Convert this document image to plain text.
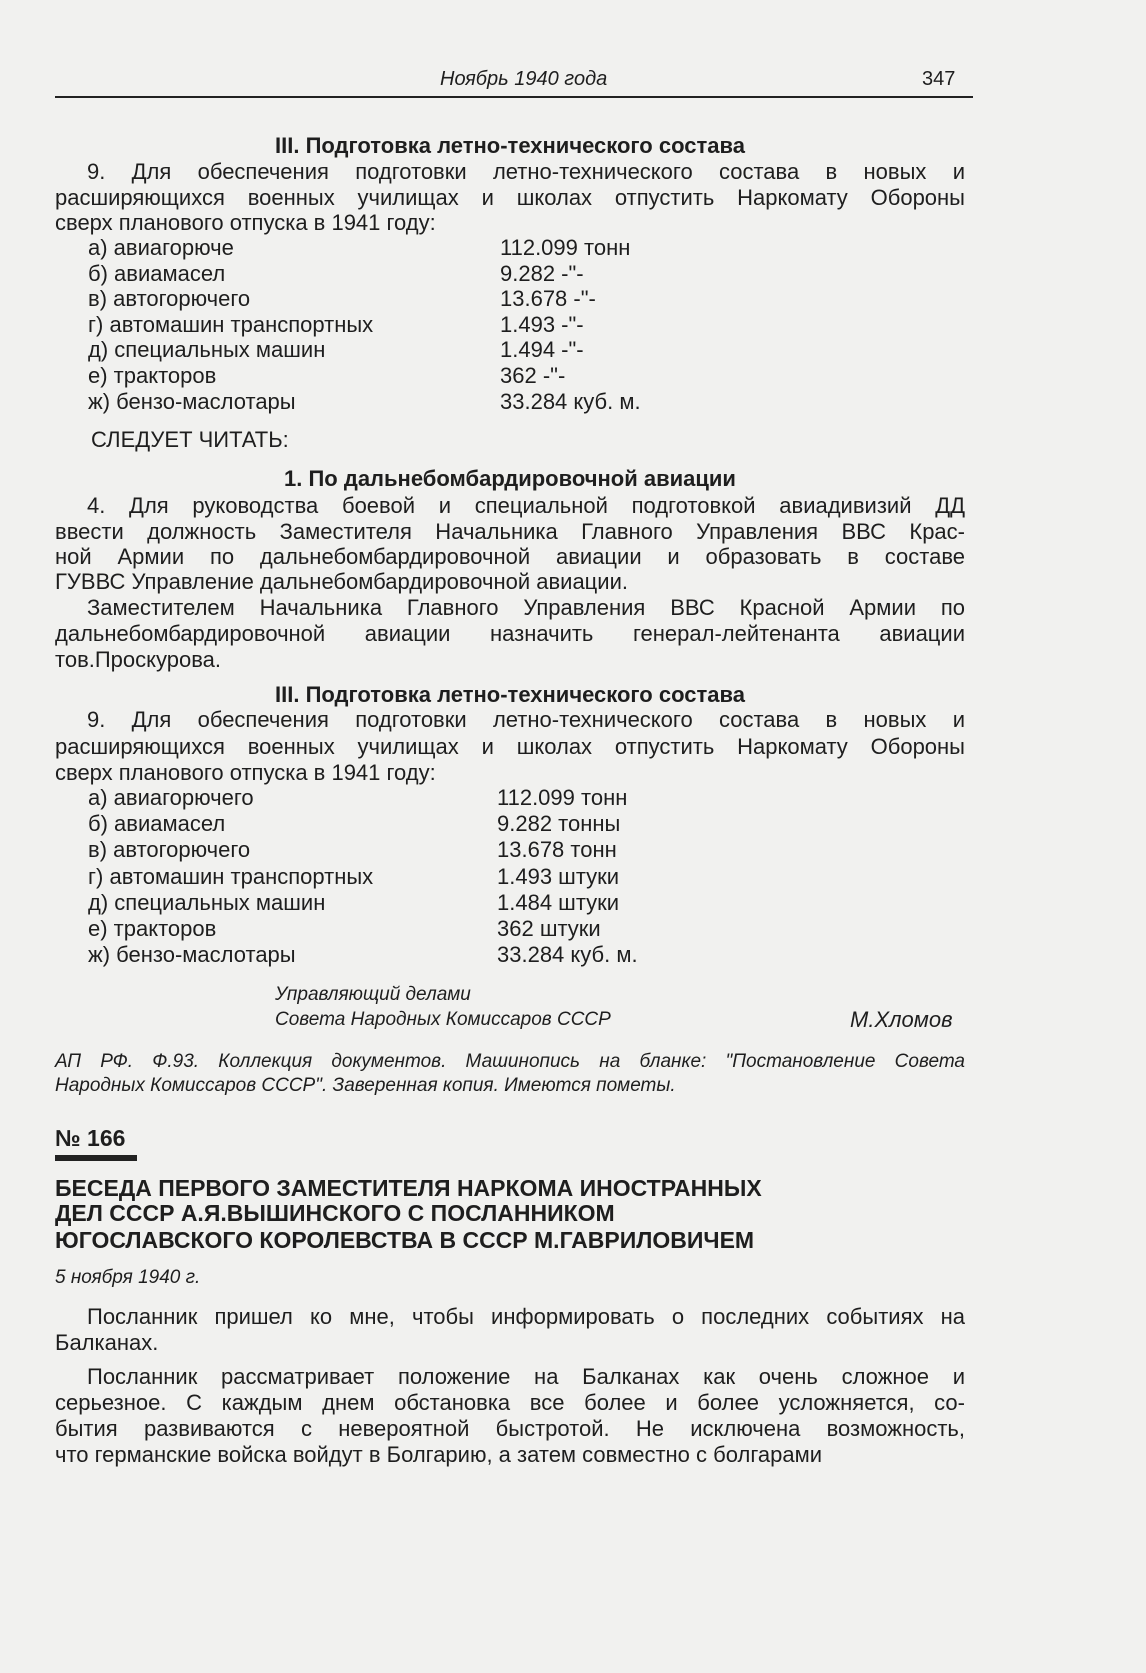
Ноябрь 1940 года	347
III. Подготовка летно-технического состава
9. Для обеспечения подготовки летно-технического состава в новых и
расширяющихся военных училищах и школах отпустить Наркомату Обороны
сверх планового отпуска в 1941 году:
а) авиагорюче	112.099 тонн
б) авиамасел	9.282 -"-
в) автогорючего	13.678 -"-
г) автомашин транспортных	1.493 -"-
д) специальных машин	1.494 -"-
е) тракторов	362 -"-
ж) бензо-маслотары	33.284 куб. м.
СЛЕДУЕТ ЧИТАТЬ:
1. По дальнебомбардировочной авиации
4. Для руководства боевой и специальной подготовкой авиадивизий ДД
ввести должность Заместителя Начальника Главного Управления ВВС Крас-
ной Армии по дальнебомбардировочной авиации и образовать в составе
ГУВВС Управление дальнебомбардировочной авиации.
Заместителем Начальника Главного Управления ВВС Красной Армии по
дальнебомбардировочной авиации назначить генерал-лейтенанта авиации
тов.Проскурова.
III. Подготовка летно-технического состава
9. Для обеспечения подготовки летно-технического состава в новых и
расширяющихся военных училищах и школах отпустить Наркомату Обороны
сверх планового отпуска в 1941 году:
а) авиагорючего	112.099 тонн
б) авиамасел	9.282 тонны
в) автогорючего	13.678 тонн
г) автомашин транспортных	1.493 штуки
д) специальных машин	1.484 штуки
е) тракторов	362 штуки
ж) бензо-маслотары	33.284 куб. м.
Управляющий делами
Совета Народных Комиссаров СССР	М.Хломов
АП РФ. Ф.93. Коллекция документов. Машинопись на бланке: "Постановление Совета
Народных Комиссаров СССР". Заверенная копия. Имеются пометы.
№ 166
БЕСЕДА ПЕРВОГО ЗАМЕСТИТЕЛЯ НАРКОМА ИНОСТРАННЫХ
ДЕЛ СССР А.Я.ВЫШИНСКОГО С ПОСЛАННИКОМ
ЮГОСЛАВСКОГО КОРОЛЕВСТВА В СССР М.ГАВРИЛОВИЧЕМ
5 ноября 1940 г.
Посланник пришел ко мне, чтобы информировать о последних событиях на
Балканах.
Посланник рассматривает положение на Балканах как очень сложное и
серьезное. С каждым днем обстановка все более и более усложняется, со-
бытия развиваются с невероятной быстротой. Не исключена возможность,
что германские войска войдут в Болгарию, а затем совместно с болгарами
